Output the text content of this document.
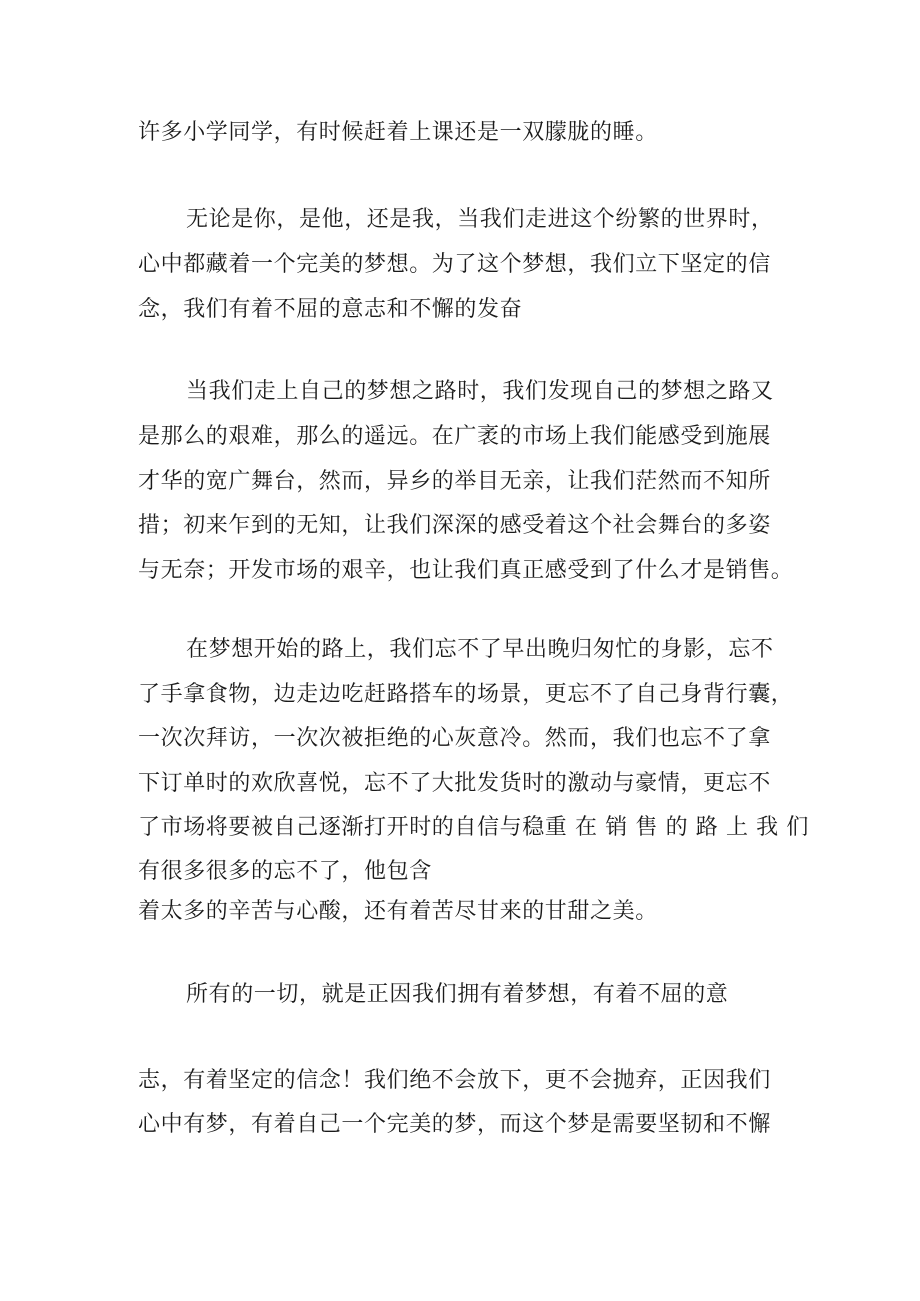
许多小学同学，有时候赶着上课还是一双朦胧的睡。
无论是你，是他，还是我，当我们走进这个纷繁的世界时，
心中都藏着一个完美的梦想。为了这个梦想，我们立下坚定的信
念，我们有着不屈的意志和不懈的发奋
当我们走上自己的梦想之路时，我们发现自己的梦想之路又
是那么的艰难，那么的遥远。在广袤的市场上我们能感受到施展
才华的宽广舞台，然而，异乡的举目无亲，让我们茫然而不知所
措；初来乍到的无知，让我们深深的感受着这个社会舞台的多姿
与无奈；开发市场的艰辛，也让我们真正感受到了什么才是销售。
在梦想开始的路上，我们忘不了早出晚归匆忙的身影，忘不
了手拿食物，边走边吃赶路搭车的场景，更忘不了自己身背行囊，
一次次拜访，一次次被拒绝的心灰意冷。然而，我们也忘不了拿
下订单时的欢欣喜悦，忘不了大批发货时的激动与豪情，更忘不
了市场将要被自己逐渐打开时的自信与稳重 在 销 售 的 路 上 我 们
有很多很多的忘不了，他包含
着太多的辛苦与心酸，还有着苦尽甘来的甘甜之美。
所有的一切，就是正因我们拥有着梦想，有着不屈的意
志，有着坚定的信念！我们绝不会放下，更不会抛弃，正因我们
心中有梦，有着自己一个完美的梦，而这个梦是需要坚韧和不懈
